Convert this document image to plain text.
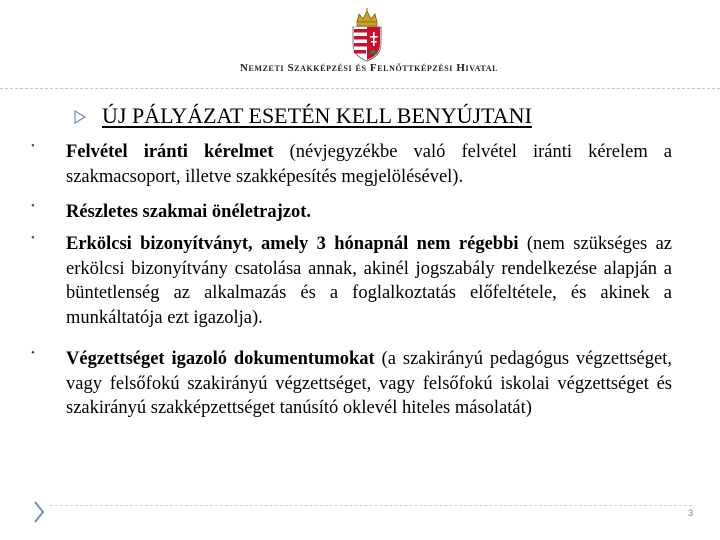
Nemzeti Szakképzési és Felnőttképzési Hivatal
ÚJ PÁLYÁZAT ESETÉN KELL BENYÚJTANI
• Felvétel iránti kérelmet (névjegyzékbe való felvétel iránti kérelem a szakmacsoport, illetve szakképesítés megjelölésével).
• Részletes szakmai önéletrajzot.
• Erkölcsi bizonyítványt, amely 3 hónapnál nem régebbi (nem szükséges az erkölcsi bizonyítvány csatolása annak, akinél jogszabály rendelkezése alapján a büntetlenség az alkalmazás és a foglalkoztatás előfeltétele, és akinek a munkáltatója ezt igazolja).
• Végzettséget igazoló dokumentumokat (a szakirányú pedagógus végzettséget, vagy felsőfokú szakirányú végzettséget, vagy felsőfokú iskolai végzettséget és szakirányú szakképzettséget tanúsító oklevél hiteles másolatát)
3
